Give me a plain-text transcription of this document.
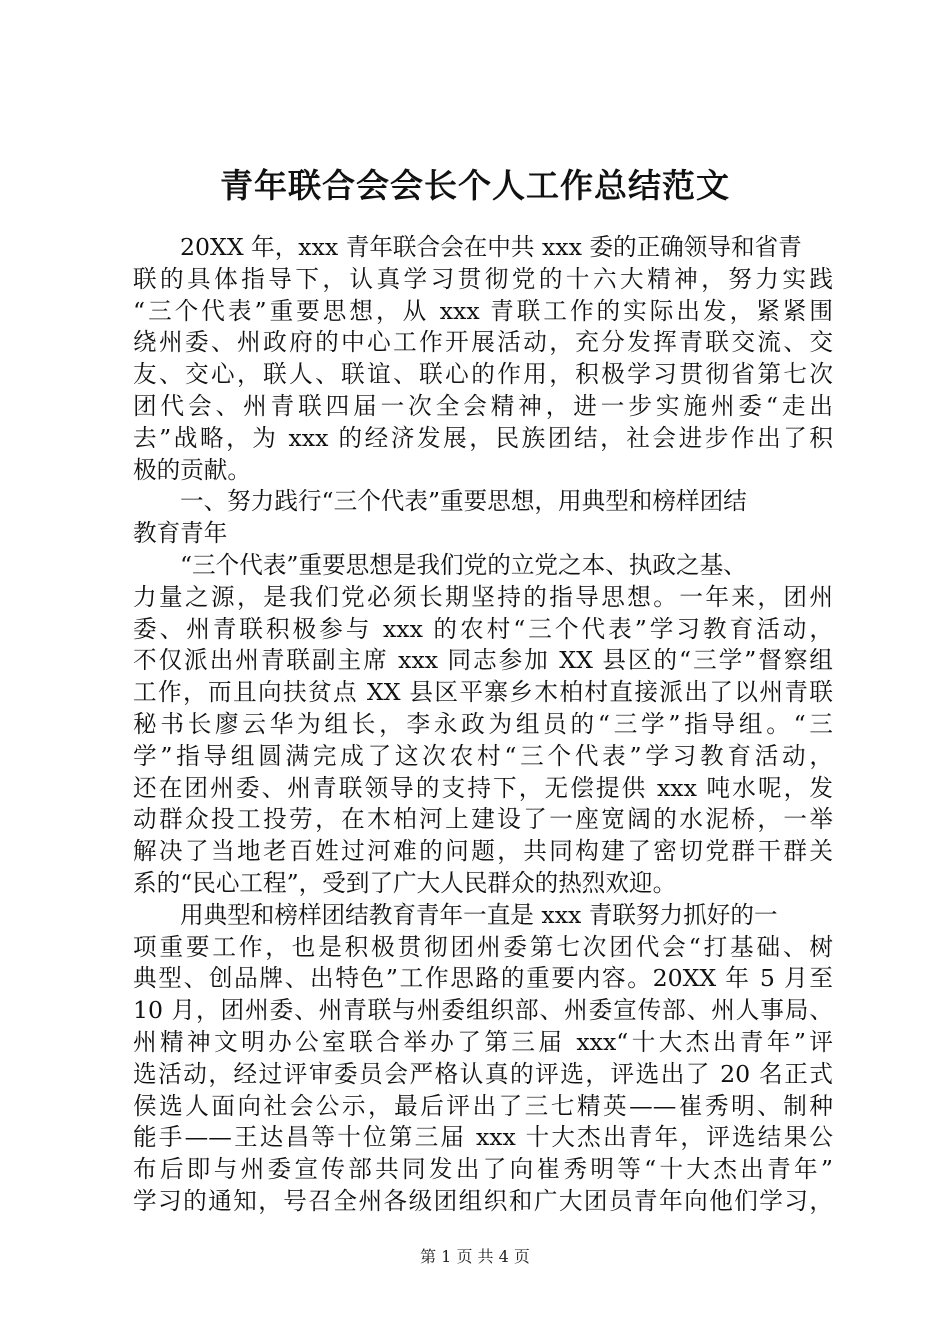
青年联合会会长个人工作总结范文
20XX 年，xxx 青年联合会在中共 xxx 委的正确领导和省青
联的具体指导下，认真学习贯彻党的十六大精神，努力实践
“三个代表”重要思想，从 xxx 青联工作的实际出发，紧紧围
绕州委、州政府的中心工作开展活动，充分发挥青联交流、交
友、交心，联人、联谊、联心的作用，积极学习贯彻省第七次
团代会、州青联四届一次全会精神，进一步实施州委“走出
去”战略，为 xxx 的经济发展，民族团结，社会进步作出了积
极的贡献。
一、努力践行“三个代表”重要思想，用典型和榜样团结
教育青年
“三个代表”重要思想是我们党的立党之本、执政之基、
力量之源，是我们党必须长期坚持的指导思想。一年来，团州
委、州青联积极参与 xxx 的农村“三个代表”学习教育活动，
不仅派出州青联副主席 xxx 同志参加 XX 县区的“三学”督察组
工作，而且向扶贫点 XX 县区平寨乡木柏村直接派出了以州青联
秘书长廖云华为组长，李永政为组员的“三学”指导组。“三
学”指导组圆满完成了这次农村“三个代表”学习教育活动，
还在团州委、州青联领导的支持下，无偿提供 xxx 吨水呢，发
动群众投工投劳，在木柏河上建设了一座宽阔的水泥桥，一举
解决了当地老百姓过河难的问题，共同构建了密切党群干群关
系的“民心工程”，受到了广大人民群众的热烈欢迎。
用典型和榜样团结教育青年一直是 xxx 青联努力抓好的一
项重要工作，也是积极贯彻团州委第七次团代会“打基础、树
典型、创品牌、出特色”工作思路的重要内容。20XX 年 5 月至
10 月，团州委、州青联与州委组织部、州委宣传部、州人事局、
州精神文明办公室联合举办了第三届 xxx“十大杰出青年”评
选活动，经过评审委员会严格认真的评选，评选出了 20 名正式
侯选人面向社会公示，最后评出了三七精英——崔秀明、制种
能手——王达昌等十位第三届 xxx 十大杰出青年，评选结果公
布后即与州委宣传部共同发出了向崔秀明等“十大杰出青年”
学习的通知，号召全州各级团组织和广大团员青年向他们学习，
第 1 页 共 4 页
